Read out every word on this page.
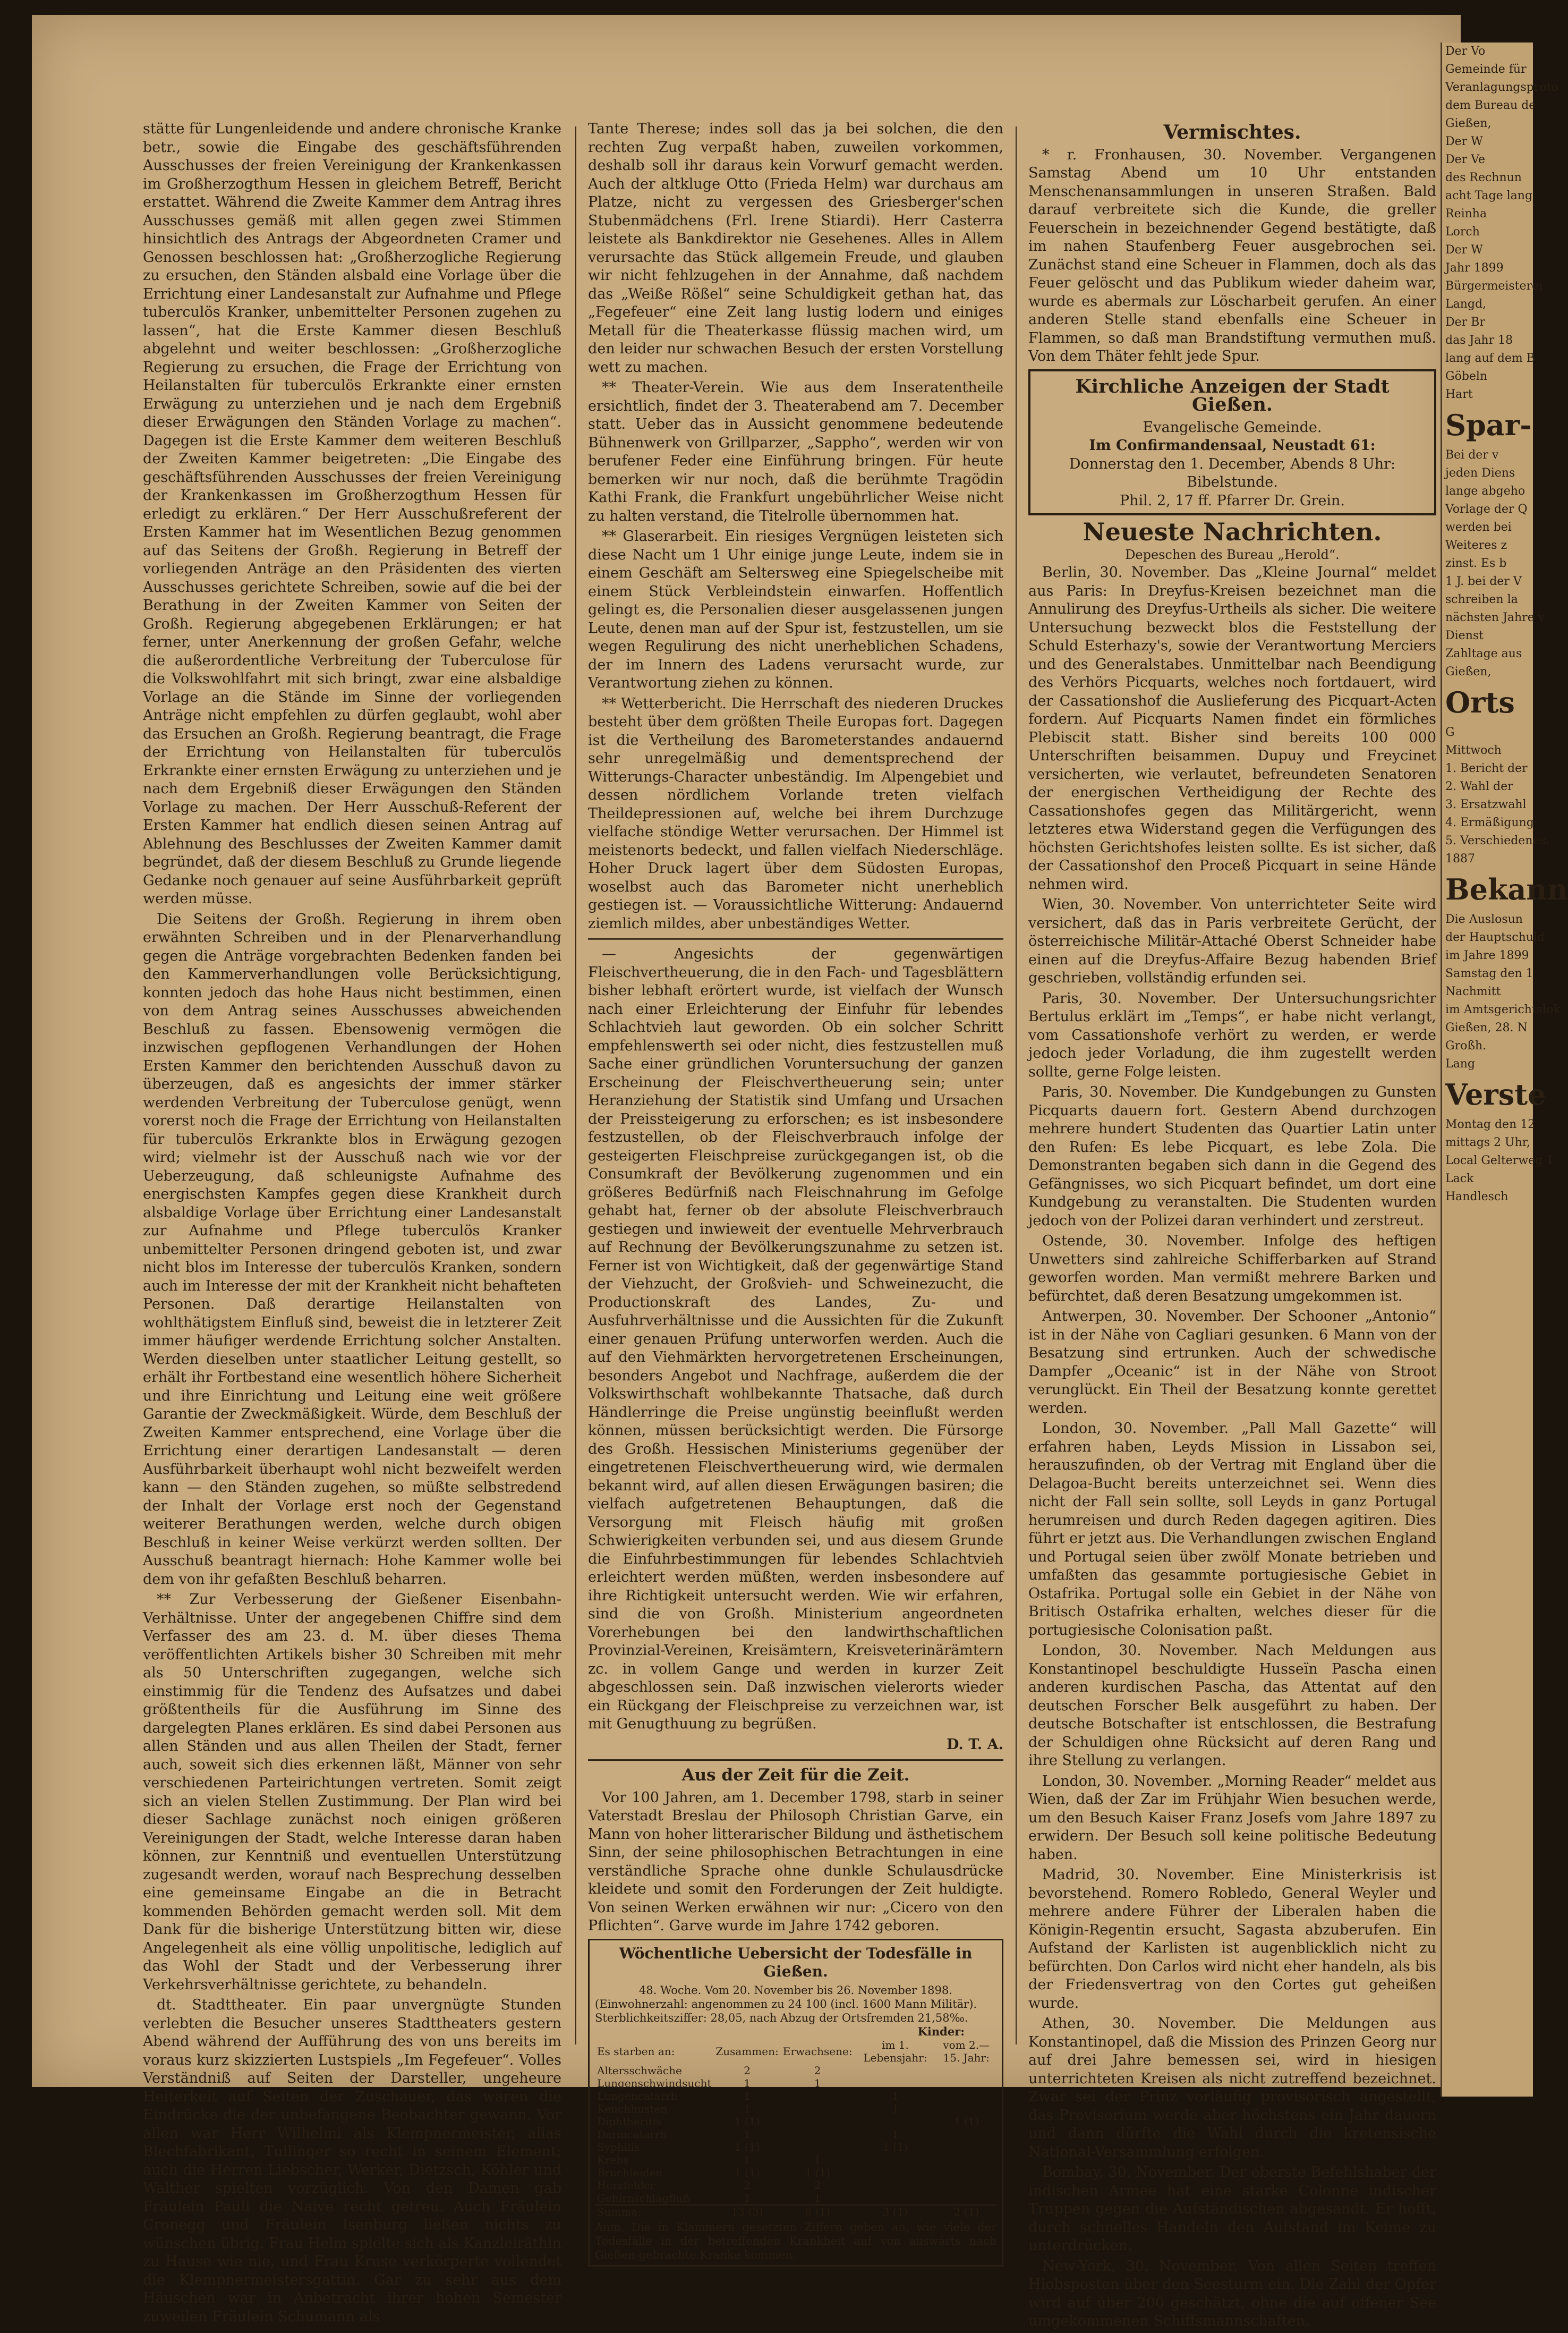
stätte für Lungenleidende und andere chronische Kranke betr., sowie die Eingabe des geschäftsführenden Ausschusses der freien Vereinigung der Krankenkassen im Großherzogthum Hessen in gleichem Betreff, Bericht erstattet. Während die Zweite Kammer dem Antrag ihres Ausschusses gemäß mit allen gegen zwei Stimmen hinsichtlich des Antrags der Abgeordneten Cramer und Genossen beschlossen hat: „Großherzogliche Regierung zu ersuchen, den Ständen alsbald eine Vorlage über die Errichtung einer Landesanstalt zur Aufnahme und Pflege tuberculös Kranker, unbemittelter Personen zugehen zu lassen“, hat die Erste Kammer diesen Beschluß abgelehnt und weiter beschlossen: „Großherzogliche Regierung zu ersuchen, die Frage der Errichtung von Heilanstalten für tuberculös Erkrankte einer ernsten Erwägung zu unterziehen und je nach dem Ergebniß dieser Erwägungen den Ständen Vorlage zu machen“. Dagegen ist die Erste Kammer dem weiteren Beschluß der Zweiten Kammer beigetreten: „Die Eingabe des geschäftsführenden Ausschusses der freien Vereinigung der Krankenkassen im Großherzogthum Hessen für erledigt zu erklären.“ Der Herr Ausschußreferent der Ersten Kammer hat im Wesentlichen Bezug genommen auf das Seitens der Großh. Regierung in Betreff der vorliegenden Anträge an den Präsidenten des vierten Ausschusses gerichtete Schreiben, sowie auf die bei der Berathung in der Zweiten Kammer von Seiten der Großh. Regierung abgegebenen Erklärungen; er hat ferner, unter Anerkennung der großen Gefahr, welche die außerordentliche Verbreitung der Tuberculose für die Volkswohlfahrt mit sich bringt, zwar eine alsbaldige Vorlage an die Stände im Sinne der vorliegenden Anträge nicht empfehlen zu dürfen geglaubt, wohl aber das Ersuchen an Großh. Regierung beantragt, die Frage der Errichtung von Heilanstalten für tuberculös Erkrankte einer ernsten Erwägung zu unterziehen und je nach dem Ergebniß dieser Erwägungen den Ständen Vorlage zu machen. Der Herr Ausschuß-Referent der Ersten Kammer hat endlich diesen seinen Antrag auf Ablehnung des Beschlusses der Zweiten Kammer damit begründet, daß der diesem Beschluß zu Grunde liegende Gedanke noch genauer auf seine Ausführbarkeit geprüft werden müsse.

Die Seitens der Großh. Regierung in ihrem oben erwähnten Schreiben und in der Plenarverhandlung gegen die Anträge vorgebrachten Bedenken fanden bei den Kammerverhandlungen volle Berücksichtigung, konnten jedoch das hohe Haus nicht bestimmen, einen von dem Antrag seines Ausschusses abweichenden Beschluß zu fassen. Ebensowenig vermögen die inzwischen gepflogenen Verhandlungen der Hohen Ersten Kammer den berichtenden Ausschuß davon zu überzeugen, daß es angesichts der immer stärker werdenden Verbreitung der Tuberculose genügt, wenn vorerst noch die Frage der Errichtung von Heilanstalten für tuberculös Erkrankte blos in Erwägung gezogen wird; vielmehr ist der Ausschuß nach wie vor der Ueberzeugung, daß schleunigste Aufnahme des energischsten Kampfes gegen diese Krankheit durch alsbaldige Vorlage über Errichtung einer Landesanstalt zur Aufnahme und Pflege tuberculös Kranker unbemittelter Personen dringend geboten ist, und zwar nicht blos im Interesse der tuberculös Kranken, sondern auch im Interesse der mit der Krankheit nicht behafteten Personen. Daß derartige Heilanstalten von wohlthätigstem Einfluß sind, beweist die in letzterer Zeit immer häufiger werdende Errichtung solcher Anstalten. Werden dieselben unter staatlicher Leitung gestellt, so erhält ihr Fortbestand eine wesentlich höhere Sicherheit und ihre Einrichtung und Leitung eine weit größere Garantie der Zweckmäßigkeit. Würde, dem Beschluß der Zweiten Kammer entsprechend, eine Vorlage über die Errichtung einer derartigen Landesanstalt — deren Ausführbarkeit überhaupt wohl nicht bezweifelt werden kann — den Ständen zugehen, so müßte selbstredend der Inhalt der Vorlage erst noch der Gegenstand weiterer Berathungen werden, welche durch obigen Beschluß in keiner Weise verkürzt werden sollten. Der Ausschuß beantragt hiernach: Hohe Kammer wolle bei dem von ihr gefaßten Beschluß beharren.

** Zur Verbesserung der Gießener Eisenbahn-Verhältnisse. Unter der angegebenen Chiffre sind dem Verfasser des am 23. d. M. über dieses Thema veröffentlichten Artikels bisher 30 Schreiben mit mehr als 50 Unterschriften zugegangen, welche sich einstimmig für die Tendenz des Aufsatzes und dabei größtentheils für die Ausführung im Sinne des dargelegten Planes erklären. Es sind dabei Personen aus allen Ständen und aus allen Theilen der Stadt, ferner auch, soweit sich dies erkennen läßt, Männer von sehr verschiedenen Parteirichtungen vertreten. Somit zeigt sich an vielen Stellen Zustimmung. Der Plan wird bei dieser Sachlage zunächst noch einigen größeren Vereinigungen der Stadt, welche Interesse daran haben können, zur Kenntniß und eventuellen Unterstützung zugesandt werden, worauf nach Besprechung desselben eine gemeinsame Eingabe an die in Betracht kommenden Behörden gemacht werden soll. Mit dem Dank für die bisherige Unterstützung bitten wir, diese Angelegenheit als eine völlig unpolitische, lediglich auf das Wohl der Stadt und der Verbesserung ihrer Verkehrsverhältnisse gerichtete, zu behandeln.

dt. Stadttheater. Ein paar unvergnügte Stunden verlebten die Besucher unseres Stadttheaters gestern Abend während der Aufführung des von uns bereits im voraus kurz skizzierten Lustspiels „Im Fegefeuer“. Volles Verständniß auf Seiten der Darsteller, ungeheure Heiterkeit auf Seiten der Zuschauer, das waren die Eindrücke die der unbefangene Beobachter gewann. Vor allen war Herr Wilhelmi als Klempnermeister, alias Blechfabrikant, Tullinger so recht in seinem Element; auch die Herren Liebscher, Werker, Dietzsch, Köhler und Walther spielten vorzüglich. Von den Damen gab Fräulein Pauli die Naive recht getreu. Auch Fräulein Cronegg und Fräulein Isenburg ließen nichts zu wünschen übrig. Frau Helm spielte sich als Kanzleiräthin zu Hause wie nie, und Frau Kruse verkörperte vollendet die Klempnermeistersgattin. Gar zu sehr aus dem Häuschen war in Anbetracht ihrer hohen Semester zuweilen Fräulein Schumann als

Tante Therese; indes soll das ja bei solchen, die den rechten Zug verpaßt haben, zuweilen vorkommen, deshalb soll ihr daraus kein Vorwurf gemacht werden. Auch der altkluge Otto (Frieda Helm) war durchaus am Platze, nicht zu vergessen des Griesberger'schen Stubenmädchens (Frl. Irene Stiardi). Herr Casterra leistete als Bankdirektor nie Gesehenes. Alles in Allem verursachte das Stück allgemein Freude, und glauben wir nicht fehlzugehen in der Annahme, daß nachdem das „Weiße Rößel“ seine Schuldigkeit gethan hat, das „Fegefeuer“ eine Zeit lang lustig lodern und einiges Metall für die Theaterkasse flüssig machen wird, um den leider nur schwachen Besuch der ersten Vorstellung wett zu machen.

** Theater-Verein. Wie aus dem Inseratentheile ersichtlich, findet der 3. Theaterabend am 7. December statt. Ueber das in Aussicht genommene bedeutende Bühnenwerk von Grillparzer, „Sappho“, werden wir von berufener Feder eine Einführung bringen. Für heute bemerken wir nur noch, daß die berühmte Tragödin Kathi Frank, die Frankfurt ungebührlicher Weise nicht zu halten verstand, die Titelrolle übernommen hat.

** Glaserarbeit. Ein riesiges Vergnügen leisteten sich diese Nacht um 1 Uhr einige junge Leute, indem sie in einem Geschäft am Seltersweg eine Spiegelscheibe mit einem Stück Verbleindstein einwarfen. Hoffentlich gelingt es, die Personalien dieser ausgelassenen jungen Leute, denen man auf der Spur ist, festzustellen, um sie wegen Regulirung des nicht unerheblichen Schadens, der im Innern des Ladens verursacht wurde, zur Verantwortung ziehen zu können.

** Wetterbericht. Die Herrschaft des niederen Druckes besteht über dem größten Theile Europas fort. Dagegen ist die Vertheilung des Barometerstandes andauernd sehr unregelmäßig und dementsprechend der Witterungs-Character unbeständig. Im Alpengebiet und dessen nördlichem Vorlande treten vielfach Theildepressionen auf, welche bei ihrem Durchzuge vielfache stöndige Wetter verursachen. Der Himmel ist meistenorts bedeckt, und fallen vielfach Niederschläge. Hoher Druck lagert über dem Südosten Europas, woselbst auch das Barometer nicht unerheblich gestiegen ist. — Voraussichtliche Witterung: Andauernd ziemlich mildes, aber unbeständiges Wetter.

— Angesichts der gegenwärtigen Fleischvertheuerung, die in den Fach- und Tagesblättern bisher lebhaft erörtert wurde, ist vielfach der Wunsch nach einer Erleichterung der Einfuhr für lebendes Schlachtvieh laut geworden. Ob ein solcher Schritt empfehlenswerth sei oder nicht, dies festzustellen muß Sache einer gründlichen Voruntersuchung der ganzen Erscheinung der Fleischvertheuerung sein; unter Heranziehung der Statistik sind Umfang und Ursachen der Preissteigerung zu erforschen; es ist insbesondere festzustellen, ob der Fleischverbrauch infolge der gesteigerten Fleischpreise zurückgegangen ist, ob die Consumkraft der Bevölkerung zugenommen und ein größeres Bedürfniß nach Fleischnahrung im Gefolge gehabt hat, ferner ob der absolute Fleischverbrauch gestiegen und inwieweit der eventuelle Mehrverbrauch auf Rechnung der Bevölkerungszunahme zu setzen ist. Ferner ist von Wichtigkeit, daß der gegenwärtige Stand der Viehzucht, der Großvieh- und Schweinezucht, die Productionskraft des Landes, Zu- und Ausfuhrverhältnisse und die Aussichten für die Zukunft einer genauen Prüfung unterworfen werden. Auch die auf den Viehmärkten hervorgetretenen Erscheinungen, besonders Angebot und Nachfrage, außerdem die der Volkswirthschaft wohlbekannte Thatsache, daß durch Händlerringe die Preise ungünstig beeinflußt werden können, müssen berücksichtigt werden. Die Fürsorge des Großh. Hessischen Ministeriums gegenüber der eingetretenen Fleischvertheuerung wird, wie dermalen bekannt wird, auf allen diesen Erwägungen basiren; die vielfach aufgetretenen Behauptungen, daß die Versorgung mit Fleisch häufig mit großen Schwierigkeiten verbunden sei, und aus diesem Grunde die Einfuhrbestimmungen für lebendes Schlachtvieh erleichtert werden müßten, werden insbesondere auf ihre Richtigkeit untersucht werden. Wie wir erfahren, sind die von Großh. Ministerium angeordneten Vorerhebungen bei den landwirthschaftlichen Provinzial-Vereinen, Kreisämtern, Kreisveterinärämtern zc. in vollem Gange und werden in kurzer Zeit abgeschlossen sein. Daß inzwischen vielerorts wieder ein Rückgang der Fleischpreise zu verzeichnen war, ist mit Genugthuung zu begrüßen.

D. T. A.
Aus der Zeit für die Zeit.

Vor 100 Jahren, am 1. December 1798, starb in seiner Vaterstadt Breslau der Philosoph Christian Garve, ein Mann von hoher litterarischer Bildung und ästhetischem Sinn, der seine philosophischen Betrachtungen in eine verständliche Sprache ohne dunkle Schulausdrücke kleidete und somit den Forderungen der Zeit huldigte. Von seinen Werken erwähnen wir nur: „Cicero von den Pflichten“. Garve wurde im Jahre 1742 geboren.

Wöchentliche Uebersicht der Todesfälle in Gießen.
48. Woche. Vom 20. November bis 26. November 1898.
(Einwohnerzahl: angenommen zu 24 100 (incl. 1600 Mann Militär).
Sterblichkeitsziffer: 28,05, nach Abzug der Ortsfremden 21,58‰.
Kinder:
Es starben an:	Zusammen:	Erwachsene:	im 1. Lebensjahr:	vom 2.—15. Jahr:
Altersschwäche	2	2		
Lungenschwindsucht	1	1		
Lungencatarrh	1		1	
Keuchhusten	1		1	
Diphtheritis	1 (1)			1 (1)
Darmcatarrh	1		1	
Syphilis	1 (1)		1 (1)	
Krebs	1	1		
Bruchleiden	1 (1)	1 (1)		
Herzfehler	2	2		
Gehirnschlagfluß	1	1		
Summa:	13 (3)	8 (1)	3 (1)	2 (1)
Anm. Die in Klammern gesetzten Ziffern geben an, wie viele der Todesfälle in der betreffenden Krankheit auf von auswärts nach Gießen gebrachte Kranke kommen.
Vermischtes.

* r. Fronhausen, 30. November. Vergangenen Samstag Abend um 10 Uhr entstanden Menschenansammlungen in unseren Straßen. Bald darauf verbreitete sich die Kunde, die greller Feuerschein in bezeichnender Gegend bestätigte, daß im nahen Staufenberg Feuer ausgebrochen sei. Zunächst stand eine Scheuer in Flammen, doch als das Feuer gelöscht und das Publikum wieder daheim war, wurde es abermals zur Löscharbeit gerufen. An einer anderen Stelle stand ebenfalls eine Scheuer in Flammen, so daß man Brandstiftung vermuthen muß. Von dem Thäter fehlt jede Spur.

Kirchliche Anzeigen der Stadt Gießen.
Evangelische Gemeinde.
Im Confirmandensaal, Neustadt 61:
Donnerstag den 1. December, Abends 8 Uhr: Bibelstunde.
Phil. 2, 17 ff. Pfarrer Dr. Grein.
Neueste Nachrichten.
Depeschen des Bureau „Herold“.

Berlin, 30. November. Das „Kleine Journal“ meldet aus Paris: In Dreyfus-Kreisen bezeichnet man die Annulirung des Dreyfus-Urtheils als sicher. Die weitere Untersuchung bezweckt blos die Feststellung der Schuld Esterhazy's, sowie der Verantwortung Merciers und des Generalstabes. Unmittelbar nach Beendigung des Verhörs Picquarts, welches noch fortdauert, wird der Cassationshof die Auslieferung des Picquart-Acten fordern. Auf Picquarts Namen findet ein förmliches Plebiscit statt. Bisher sind bereits 100 000 Unterschriften beisammen. Dupuy und Freycinet versicherten, wie verlautet, befreundeten Senatoren der energischen Vertheidigung der Rechte des Cassationshofes gegen das Militärgericht, wenn letzteres etwa Widerstand gegen die Verfügungen des höchsten Gerichtshofes leisten sollte. Es ist sicher, daß der Cassationshof den Proceß Picquart in seine Hände nehmen wird.

Wien, 30. November. Von unterrichteter Seite wird versichert, daß das in Paris verbreitete Gerücht, der österreichische Militär-Attaché Oberst Schneider habe einen auf die Dreyfus-Affaire Bezug habenden Brief geschrieben, vollständig erfunden sei.

Paris, 30. November. Der Untersuchungsrichter Bertulus erklärt im „Temps“, er habe nicht verlangt, vom Cassationshofe verhört zu werden, er werde jedoch jeder Vorladung, die ihm zugestellt werden sollte, gerne Folge leisten.

Paris, 30. November. Die Kundgebungen zu Gunsten Picquarts dauern fort. Gestern Abend durchzogen mehrere hundert Studenten das Quartier Latin unter den Rufen: Es lebe Picquart, es lebe Zola. Die Demonstranten begaben sich dann in die Gegend des Gefängnisses, wo sich Picquart befindet, um dort eine Kundgebung zu veranstalten. Die Studenten wurden jedoch von der Polizei daran verhindert und zerstreut.

Ostende, 30. November. Infolge des heftigen Unwetters sind zahlreiche Schifferbarken auf Strand geworfen worden. Man vermißt mehrere Barken und befürchtet, daß deren Besatzung umgekommen ist.

Antwerpen, 30. November. Der Schooner „Antonio“ ist in der Nähe von Cagliari gesunken. 6 Mann von der Besatzung sind ertrunken. Auch der schwedische Dampfer „Oceanic“ ist in der Nähe von Stroot verunglückt. Ein Theil der Besatzung konnte gerettet werden.

London, 30. November. „Pall Mall Gazette“ will erfahren haben, Leyds Mission in Lissabon sei, herauszufinden, ob der Vertrag mit England über die Delagoa-Bucht bereits unterzeichnet sei. Wenn dies nicht der Fall sein sollte, soll Leyds in ganz Portugal herumreisen und durch Reden dagegen agitiren. Dies führt er jetzt aus. Die Verhandlungen zwischen England und Portugal seien über zwölf Monate betrieben und umfaßten das gesammte portugiesische Gebiet in Ostafrika. Portugal solle ein Gebiet in der Nähe von Britisch Ostafrika erhalten, welches dieser für die portugiesische Colonisation paßt.

London, 30. November. Nach Meldungen aus Konstantinopel beschuldigte Husseïn Pascha einen anderen kurdischen Pascha, das Attentat auf den deutschen Forscher Belk ausgeführt zu haben. Der deutsche Botschafter ist entschlossen, die Bestrafung der Schuldigen ohne Rücksicht auf deren Rang und ihre Stellung zu verlangen.

London, 30. November. „Morning Reader“ meldet aus Wien, daß der Zar im Frühjahr Wien besuchen werde, um den Besuch Kaiser Franz Josefs vom Jahre 1897 zu erwidern. Der Besuch soll keine politische Bedeutung haben.

Madrid, 30. November. Eine Ministerkrisis ist bevorstehend. Romero Robledo, General Weyler und mehrere andere Führer der Liberalen haben die Königin-Regentin ersucht, Sagasta abzuberufen. Ein Aufstand der Karlisten ist augenblicklich nicht zu befürchten. Don Carlos wird nicht eher handeln, als bis der Friedensvertrag von den Cortes gut geheißen wurde.

Athen, 30. November. Die Meldungen aus Konstantinopel, daß die Mission des Prinzen Georg nur auf drei Jahre bemessen sei, wird in hiesigen unterrichteten Kreisen als nicht zutreffend bezeichnet. Zwar sei der Prinz vorläufig provisorisch angestellt, das Provisorium werde aber höchstens ein Jahr dauern und dann dürfte die Wahl durch die kretensische National-Versammlung erfolgen.

Bombay, 30. November. Der oberste Befehlshaber der indischen Armee hat eine starke Colonne indischer Truppen gegen die Aufständischen abgesandt. Er hofft, durch schnelles Handeln den Aufstand im Keime zu unterdrücken.

New-York, 30. November. Von allen Seiten treffen Hiobsposten über den Seesturm ein. Die Zahl der Opfer wird auf über 200 geschätzt, ohne die auf offener See umgekommenen Schiffsmannschaften.

Der Vo
Gemeinde für
Veranlagungsproto
dem Bureau de
Gießen,
Der W
Der Ve
des Rechnun
acht Tage lang
Reinha
Lorch
Der W
Jahr 1899
Bürgermeisterei
Langd,
Der Br
das Jahr 18
lang auf dem B
Göbeln
Hart
Spar-
Bei der v
jeden Diens
lange abgeho
Vorlage der Q
werden bei
Weiteres z
zinst. Es b
1 J. bei der V
schreiben la
nächsten Jahre v
Dienst
Zahltage aus
Gießen,
Orts
G
Mittwoch
1. Bericht der
2. Wahl der
3. Ersatzwahl
4. Ermäßigung
5. Verschiedenes.
1887
Bekann
Die Auslosun
der Hauptschuld
im Jahre 1899
Samstag den 1
Nachmitt
im Amtsgerichtslok
Gießen, 28. N
Großh.
Lang
Verste
Montag den 12
mittags 2 Uhr,
Local Gelterweg 1
Lack
Handlesch
